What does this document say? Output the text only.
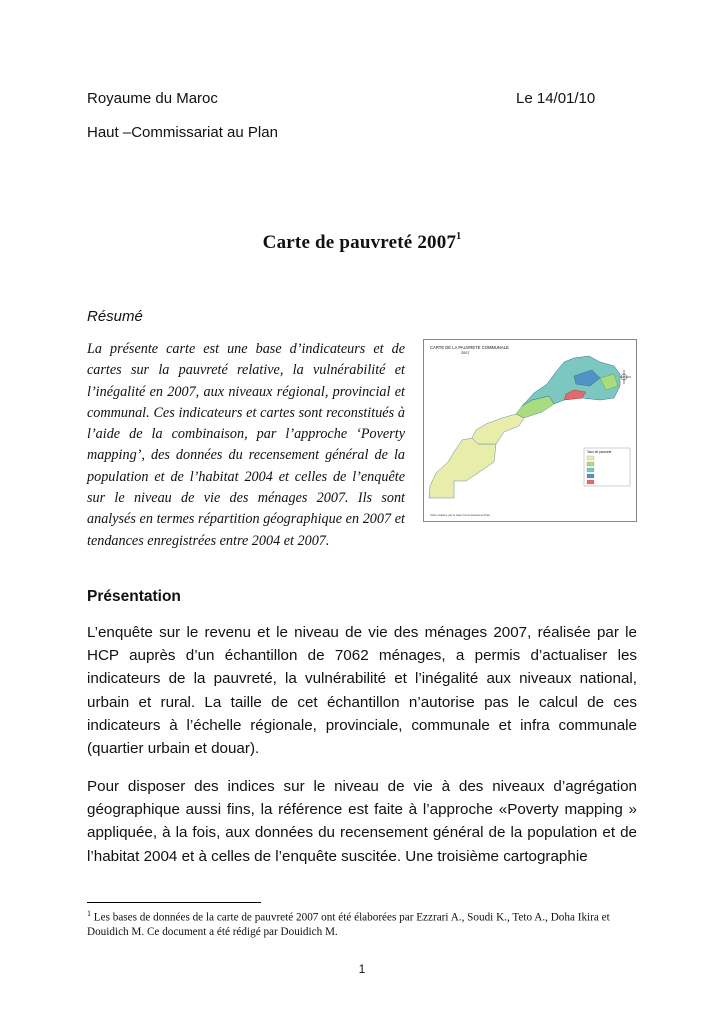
Royaume du Maroc	Le 14/01/10
Haut –Commissariat au Plan
Carte de pauvreté 2007$^1$
Résumé
La présente carte est une base d’indicateurs et de cartes sur la pauvreté relative, la vulnérabilité et l’inégalité en 2007, aux niveaux régional, provincial et communal. Ces indicateurs et cartes sont reconstitués à l’aide de la combinaison, par l’approche ‘Poverty mapping’, des données du recensement général de la population et de l’habitat 2004 et celles de l’enquête sur le niveau de vie des ménages 2007. Ils sont analysés en termes répartition géographique en 2007 et tendances enregistrées entre 2004 et 2007.
CARTE DE LA PAUVRETE COMMUNALE
2007
Taux de pauvreté
Carte réalisée par le Haut Commissariat au Plan
Présentation
L’enquête sur le revenu et le niveau de vie des ménages 2007, réalisée par le HCP auprès d’un échantillon de 7062 ménages, a permis d’actualiser les indicateurs de la pauvreté, la vulnérabilité et l’inégalité aux niveaux national, urbain et rural. La taille de cet échantillon n’autorise pas le calcul de ces indicateurs à l’échelle régionale, provinciale, communale et infra communale (quartier urbain et douar).
Pour disposer des indices sur le niveau de vie à des niveaux d’agrégation géographique aussi fins, la référence est faite à l’approche «Poverty mapping » appliquée, à la fois, aux données du recensement général de la population et de l’habitat 2004 et à celles de l’enquête suscitée. Une troisième cartographie
$^1$ Les bases de données de la carte de pauvreté 2007 ont été élaborées par Ezzrari A., Soudi K., Teto A., Doha Ikira et Douidich M. Ce document a été rédigé par Douidich M.
1
